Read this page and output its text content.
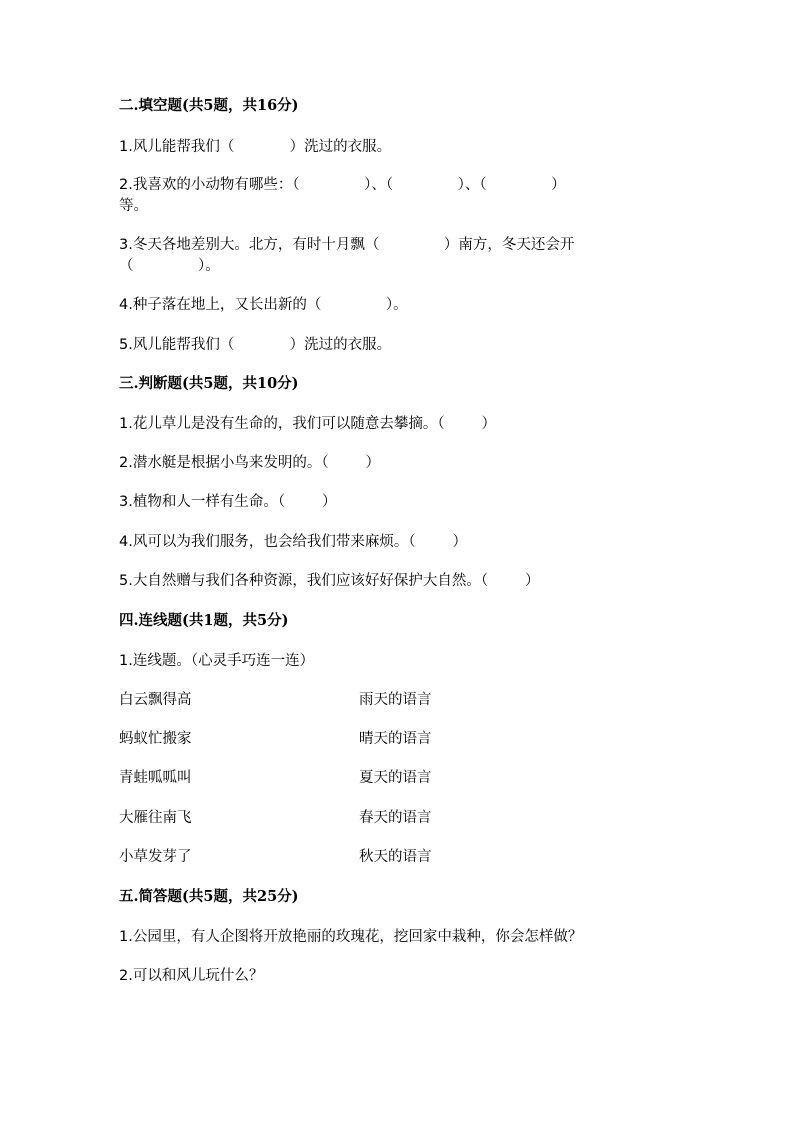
二.填空题(共5题，共16分)
1.风儿能帮我们（            ）洗过的衣服。
2.我喜欢的小动物有哪些：（              ）、（              ）、（              ）
等。
3.冬天各地差别大。北方，有时十月飘（              ）南方，冬天还会开
（              ）。
4.种子落在地上，又长出新的（              ）。
5.风儿能帮我们（            ）洗过的衣服。
三.判断题(共5题，共10分)
1.花儿草儿是没有生命的，我们可以随意去攀摘。（        ）
2.潜水艇是根据小鸟来发明的。（        ）
3.植物和人一样有生命。（        ）
4.风可以为我们服务，也会给我们带来麻烦。（        ）
5.大自然赠与我们各种资源，我们应该好好保护大自然。（        ）
四.连线题(共1题，共5分)
1.连线题。（心灵手巧连一连）
白云飘得高	雨天的语言
蚂蚁忙搬家	晴天的语言
青蛙呱呱叫	夏天的语言
大雁往南飞	春天的语言
小草发芽了	秋天的语言
五.简答题(共5题，共25分)
1.公园里，有人企图将开放艳丽的玫瑰花，挖回家中栽种，你会怎样做？
2.可以和风儿玩什么？
